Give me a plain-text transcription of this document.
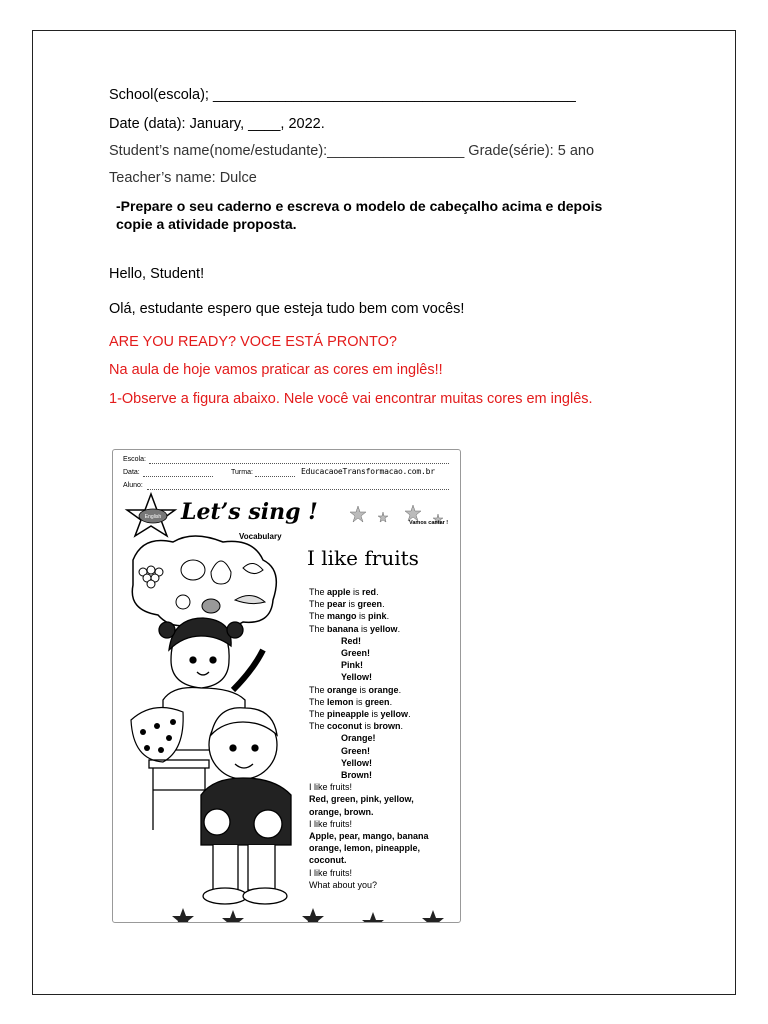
School(escola); _____________________________________________
Date (data): January, ____, 2022.
Student’s name(nome/estudante):_________________ Grade(série): 5 ano
Teacher’s name: Dulce
-Prepare o seu caderno e escreva o modelo de cabeçalho acima e depois
copie a atividade proposta.
Hello, Student!
Olá, estudante espero que esteja tudo bem com vocês!
ARE YOU READY? VOCE ESTÁ PRONTO?
Na aula de hoje vamos praticar as cores em inglês!!
1-Observe a figura abaixo. Nele você vai encontrar muitas cores em inglês.
Escola:
Data:	Turma:	EducacaoeTransformacao.com.br
Aluno:
English Let’s sing !	Vamos cantar !
Vocabulary
I like fruits
The apple is red.
The pear is green.
The mango is pink.
The banana is yellow.
Red!
Green!
Pink!
Yellow!
The orange is orange.
The lemon is green.
The pineapple is yellow.
The coconut is brown.
Orange!
Green!
Yellow!
Brown!
I like fruits!
Red, green, pink, yellow,
orange, brown.
I like fruits!
Apple, pear, mango, banana
orange, lemon, pineapple,
coconut.
I like fruits!
What about you?
